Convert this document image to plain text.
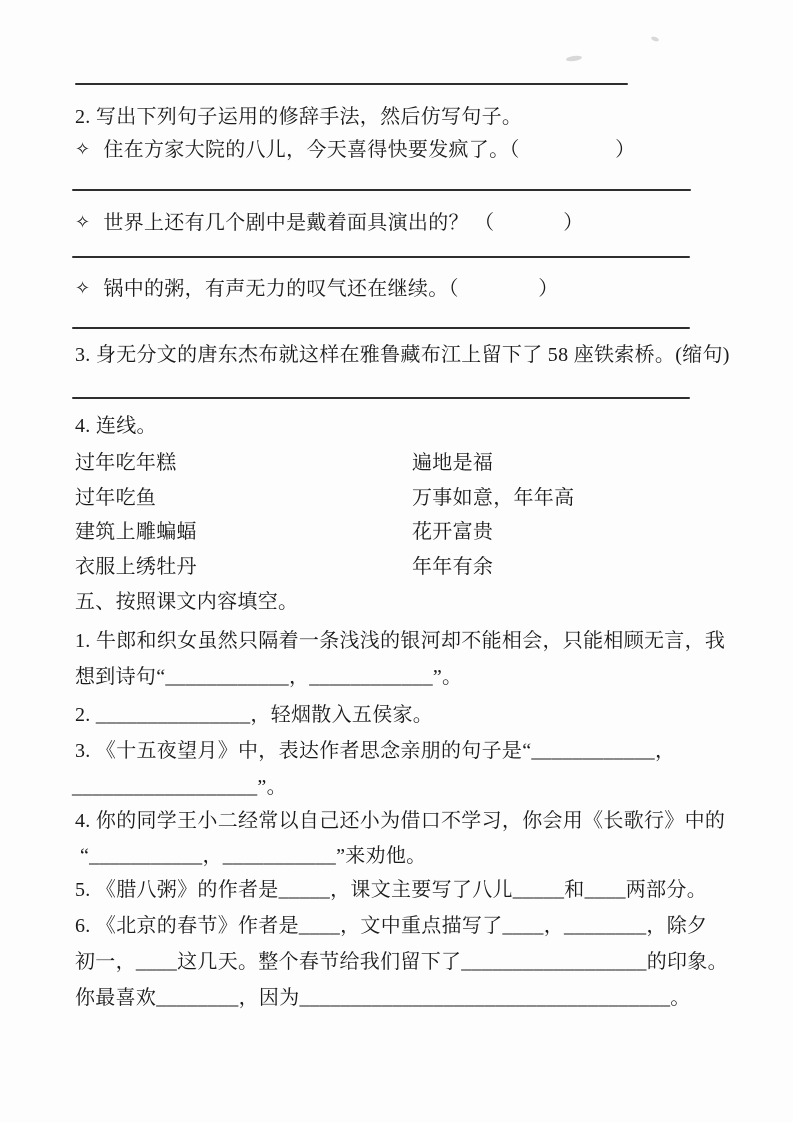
2. 写出下列句子运用的修辞手法，然后仿写句子。
✧ 住在方家大院的八儿，今天喜得快要发疯了。（                  ）
✧ 世界上还有几个剧中是戴着面具演出的？ （             ）
✧ 锅中的粥，有声无力的叹气还在继续。（               ）
3. 身无分文的唐东杰布就这样在雅鲁藏布江上留下了 58 座铁索桥。(缩句)
4. 连线。
过年吃年糕	遍地是福
过年吃鱼	万事如意，年年高
建筑上雕蝙蝠	花开富贵
衣服上绣牡丹	年年有余
五、按照课文内容填空。
1. 牛郎和织女虽然只隔着一条浅浅的银河却不能相会，只能相顾无言，我
想到诗句“____________，____________”。
2. _______________，轻烟散入五侯家。
3. 《十五夜望月》中，表达作者思念亲朋的句子是“____________，
__________________”。
4. 你的同学王小二经常以自己还小为借口不学习，你会用《长歌行》中的
“___________，___________”来劝他。
5. 《腊八粥》的作者是_____，课文主要写了八儿_____和____两部分。
6. 《北京的春节》作者是____，文中重点描写了____，________，除夕
初一，____这几天。整个春节给我们留下了__________________的印象。
你最喜欢________，因为____________________________________。
